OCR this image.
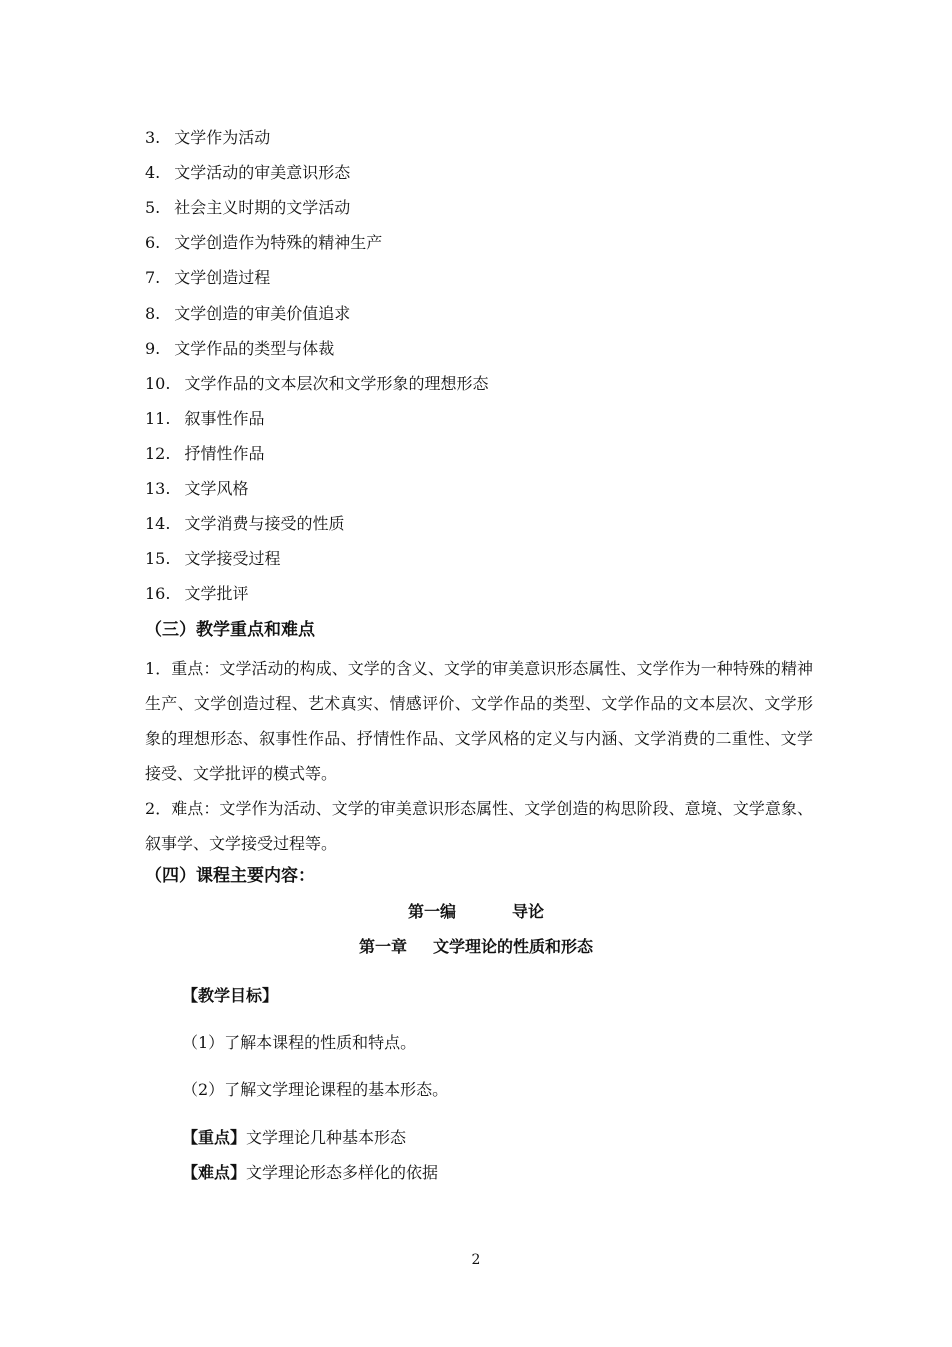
3. 文学作为活动
4. 文学活动的审美意识形态
5. 社会主义时期的文学活动
6. 文学创造作为特殊的精神生产
7. 文学创造过程
8. 文学创造的审美价值追求
9. 文学作品的类型与体裁
10. 文学作品的文本层次和文学形象的理想形态
11. 叙事性作品
12. 抒情性作品
13. 文学风格
14. 文学消费与接受的性质
15. 文学接受过程
16. 文学批评
（三）教学重点和难点
1．重点：文学活动的构成、文学的含义、文学的审美意识形态属性、文学作为一种特殊的精神生产、文学创造过程、艺术真实、情感评价、文学作品的类型、文学作品的文本层次、文学形象的理想形态、叙事性作品、抒情性作品、文学风格的定义与内涵、文学消费的二重性、文学接受、文学批评的模式等。
2．难点：文学作为活动、文学的审美意识形态属性、文学创造的构思阶段、意境、文学意象、叙事学、文学接受过程等。
（四）课程主要内容：
第一编	导论
第一章 文学理论的性质和形态
【教学目标】
（1）了解本课程的性质和特点。
（2）了解文学理论课程的基本形态。
【重点】文学理论几种基本形态
【难点】文学理论形态多样化的依据
2
